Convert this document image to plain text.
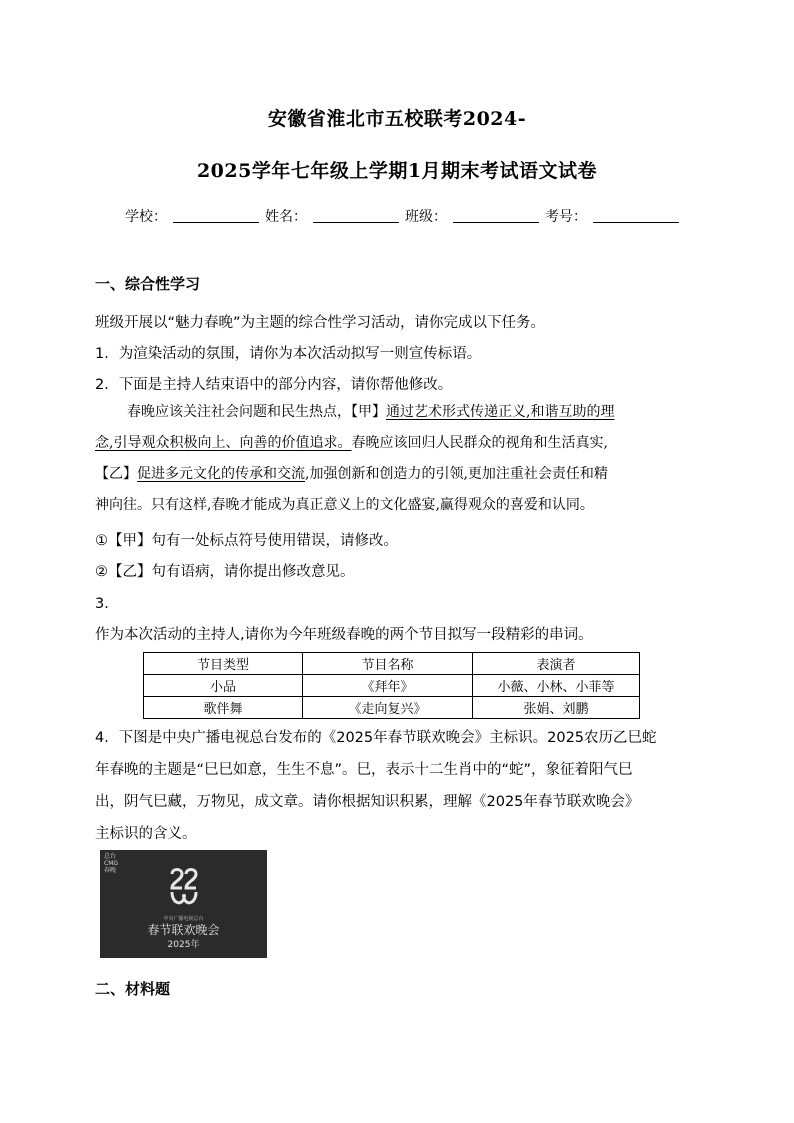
安徽省淮北市五校联考2024-
2025学年七年级上学期1月期末考试语文试卷
学校：	姓名：	班级：	考号：
一、综合性学习
班级开展以“魅力春晚”为主题的综合性学习活动，请你完成以下任务。
1．为渲染活动的氛围，请你为本次活动拟写一则宣传标语。
2．下面是主持人结束语中的部分内容，请你帮他修改。
春晚应该关注社会问题和民生热点，【甲】通过艺术形式传递正义,和谐互助的理
念,引导观众积极向上、向善的价值追求。春晚应该回归人民群众的视角和生活真实,
【乙】促进多元文化的传承和交流,加强创新和创造力的引领,更加注重社会责任和精
神向往。只有这样,春晚才能成为真正意义上的文化盛宴,赢得观众的喜爱和认同。
①【甲】句有一处标点符号使用错误，请修改。
②【乙】句有语病，请你提出修改意见。
3．
作为本次活动的主持人,请你为今年班级春晚的两个节目拟写一段精彩的串词。
节目类型	节目名称	表演者
小品	《拜年》	小薇、小林、小菲等
歌伴舞	《走向复兴》	张娟、刘鹏
4．下图是中央广播电视总台发布的《2025年春节联欢晚会》主标识。2025农历乙巳蛇
年春晚的主题是“巳巳如意，生生不息”。巳，表示十二生肖中的“蛇”，象征着阳气巳
出，阴气巳藏，万物见，成文章。请你根据知识积累，理解《2025年春节联欢晚会》
主标识的含义。
总台 CMG 春晚
中央广播电视总台
春节联欢晚会
2025年
二、材料题
